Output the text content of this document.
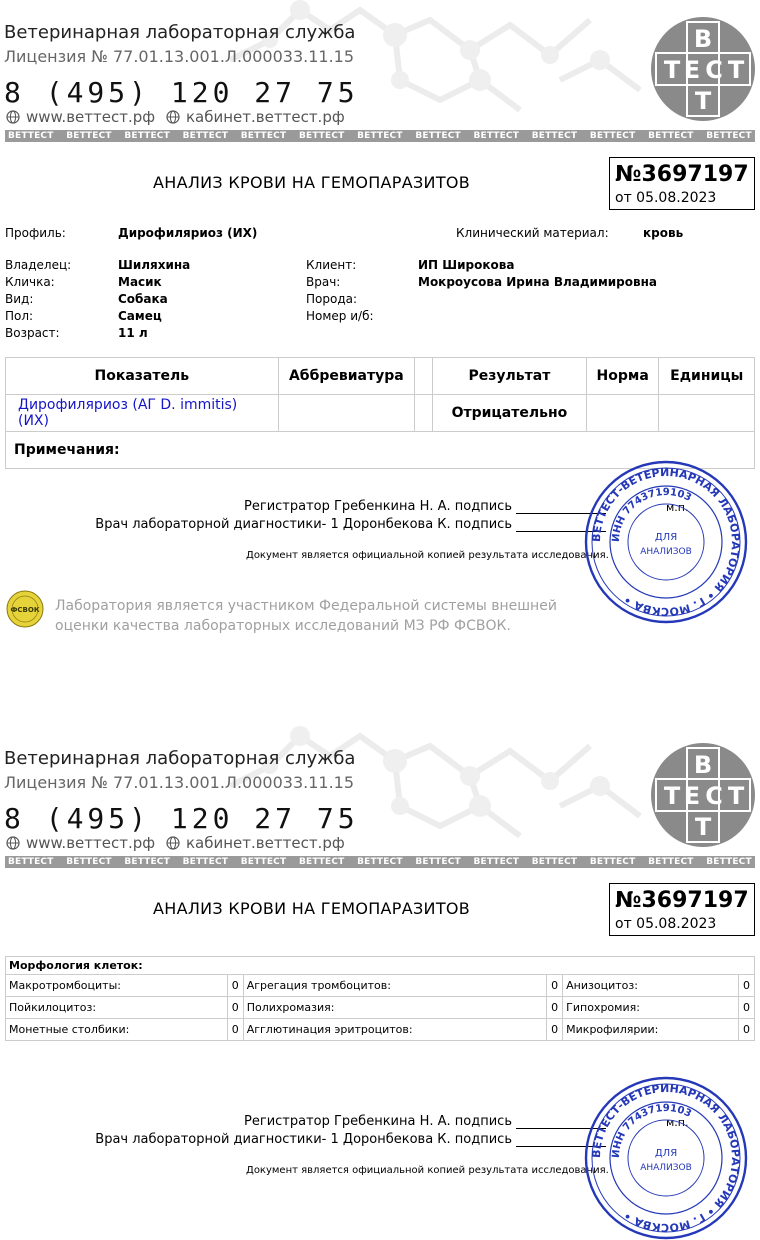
Ветеринарная лабораторная служба
Лицензия № 77.01.13.001.Л.000033.11.15
8 (495) 120 27 75
www.веттест.рф кабинет.веттест.рф
В
Т Е С Т
Т
ВЕТТЕСТ ВЕТТЕСТ ВЕТТЕСТ ВЕТТЕСТ ВЕТТЕСТ ВЕТТЕСТ ВЕТТЕСТ ВЕТТЕСТ ВЕТТЕСТ ВЕТТЕСТ ВЕТТЕСТ ВЕТТЕСТ ВЕТТЕСТ
АНАЛИЗ КРОВИ НА ГЕМОПАРАЗИТОВ	№3697197
от 05.08.2023
Профиль:	Дирофиляриоз (ИХ)	Клинический материал:	кровь
Владелец:	Шиляхина
Кличка:	Масик
Вид:	Собака
Пол:	Самец
Возраст:	11 л
Клиент:	ИП Широкова
Врач:	Мокроусова Ирина Владимировна
Порода:
Номер и/б:
Показатель	Аббревиатура		Результат	Норма	Единицы
Дирофиляриоз (АГ D. immitis) (ИХ)			Отрицательно		
Примечания:					
Регистратор Гребенкина Н. А. подпись
Врач лабораторной диагностики- 1 Доронбекова К. подпись
м.п.
Документ является официальной копией результата исследования.
ВЕТТЕСТ-ВЕТЕРИНАРНАЯ ЛАБОРАТОРИЯ • Г. МОСКВА •
ИНН 7743719103
ДЛЯ
АНАЛИЗОВ
ФСВОК Лаборатория является участником Федеральной системы внешней оценки качества лабораторных исследований МЗ РФ ФСВОК.
Ветеринарная лабораторная служба
Лицензия № 77.01.13.001.Л.000033.11.15
8 (495) 120 27 75
www.веттест.рф кабинет.веттест.рф
В
Т Е С Т
Т
ВЕТТЕСТ ВЕТТЕСТ ВЕТТЕСТ ВЕТТЕСТ ВЕТТЕСТ ВЕТТЕСТ ВЕТТЕСТ ВЕТТЕСТ ВЕТТЕСТ ВЕТТЕСТ ВЕТТЕСТ ВЕТТЕСТ ВЕТТЕСТ
АНАЛИЗ КРОВИ НА ГЕМОПАРАЗИТОВ	№3697197
от 05.08.2023
Регистратор Гребенкина Н. А. подпись
Врач лабораторной диагностики- 1 Доронбекова К. подпись
м.п.
Документ является официальной копией результата исследования.
ВЕТТЕСТ-ВЕТЕРИНАРНАЯ ЛАБОРАТОРИЯ • Г. МОСКВА •
ИНН 7743719103
ДЛЯ
АНАЛИЗОВ
Морфология клеток:					
Макротромбоциты:	0	Агрегация тромбоцитов:	0	Анизоцитоз:	0
Пойкилоцитоз:	0	Полихромазия:	0	Гипохромия:	0
Монетные столбики:	0	Агглютинация эритроцитов:	0	Микрофилярии:	0
